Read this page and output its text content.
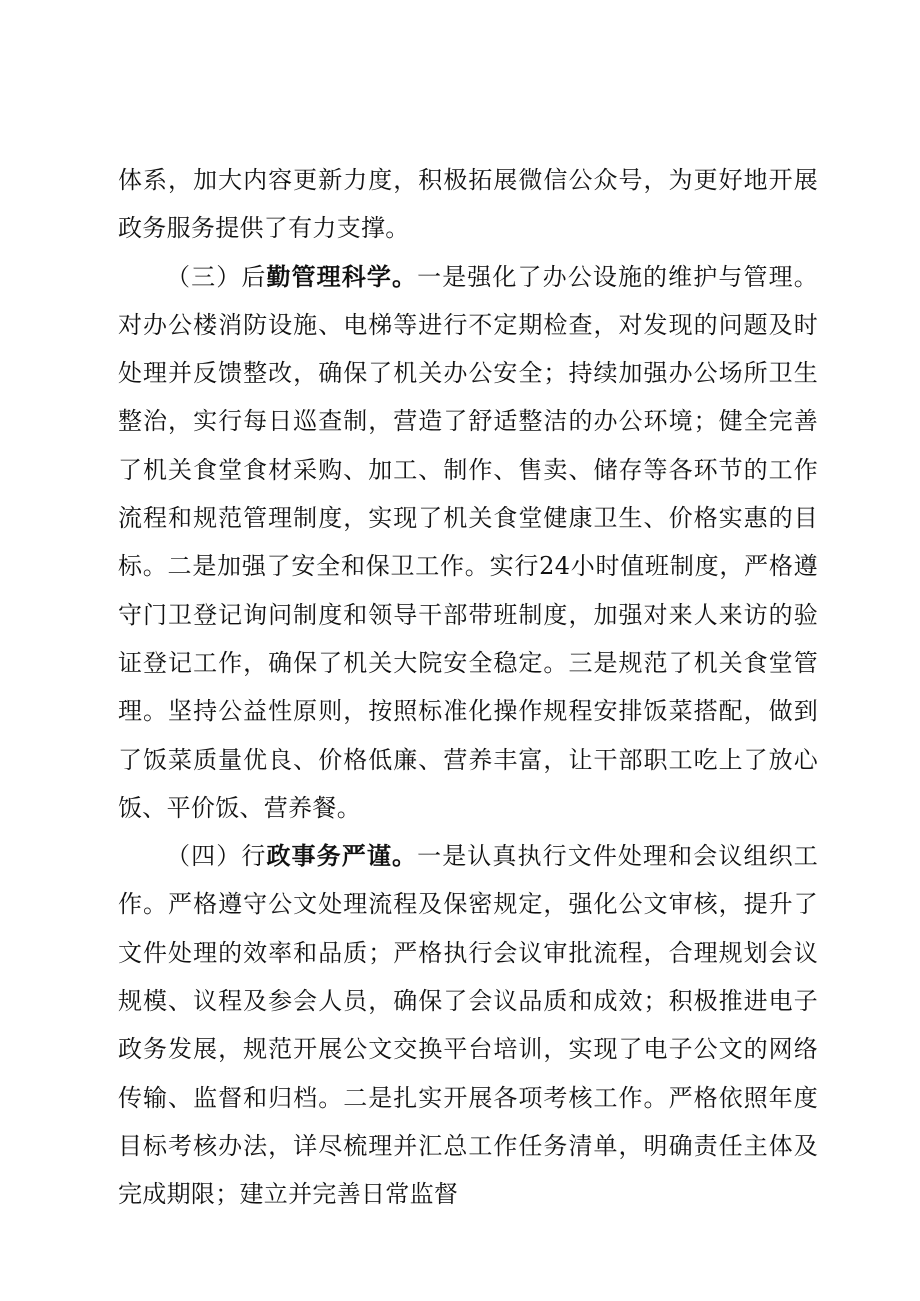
体系，加大内容更新力度，积极拓展微信公众号，为更好地开展政务服务提供了有力支撑。

（三）后勤管理科学。一是强化了办公设施的维护与管理。对办公楼消防设施、电梯等进行不定期检查，对发现的问题及时处理并反馈整改，确保了机关办公安全；持续加强办公场所卫生整治，实行每日巡查制，营造了舒适整洁的办公环境；健全完善了机关食堂食材采购、加工、制作、售卖、储存等各环节的工作流程和规范管理制度，实现了机关食堂健康卫生、价格实惠的目标。二是加强了安全和保卫工作。实行24小时值班制度，严格遵守门卫登记询问制度和领导干部带班制度，加强对来人来访的验证登记工作，确保了机关大院安全稳定。三是规范了机关食堂管理。坚持公益性原则，按照标准化操作规程安排饭菜搭配，做到了饭菜质量优良、价格低廉、营养丰富，让干部职工吃上了放心饭、平价饭、营养餐。

（四）行政事务严谨。一是认真执行文件处理和会议组织工作。严格遵守公文处理流程及保密规定，强化公文审核，提升了文件处理的效率和品质；严格执行会议审批流程，合理规划会议规模、议程及参会人员，确保了会议品质和成效；积极推进电子政务发展，规范开展公文交换平台培训，实现了电子公文的网络传输、监督和归档。二是扎实开展各项考核工作。严格依照年度目标考核办法，详尽梳理并汇总工作任务清单，明确责任主体及完成期限；建立并完善日常监督
